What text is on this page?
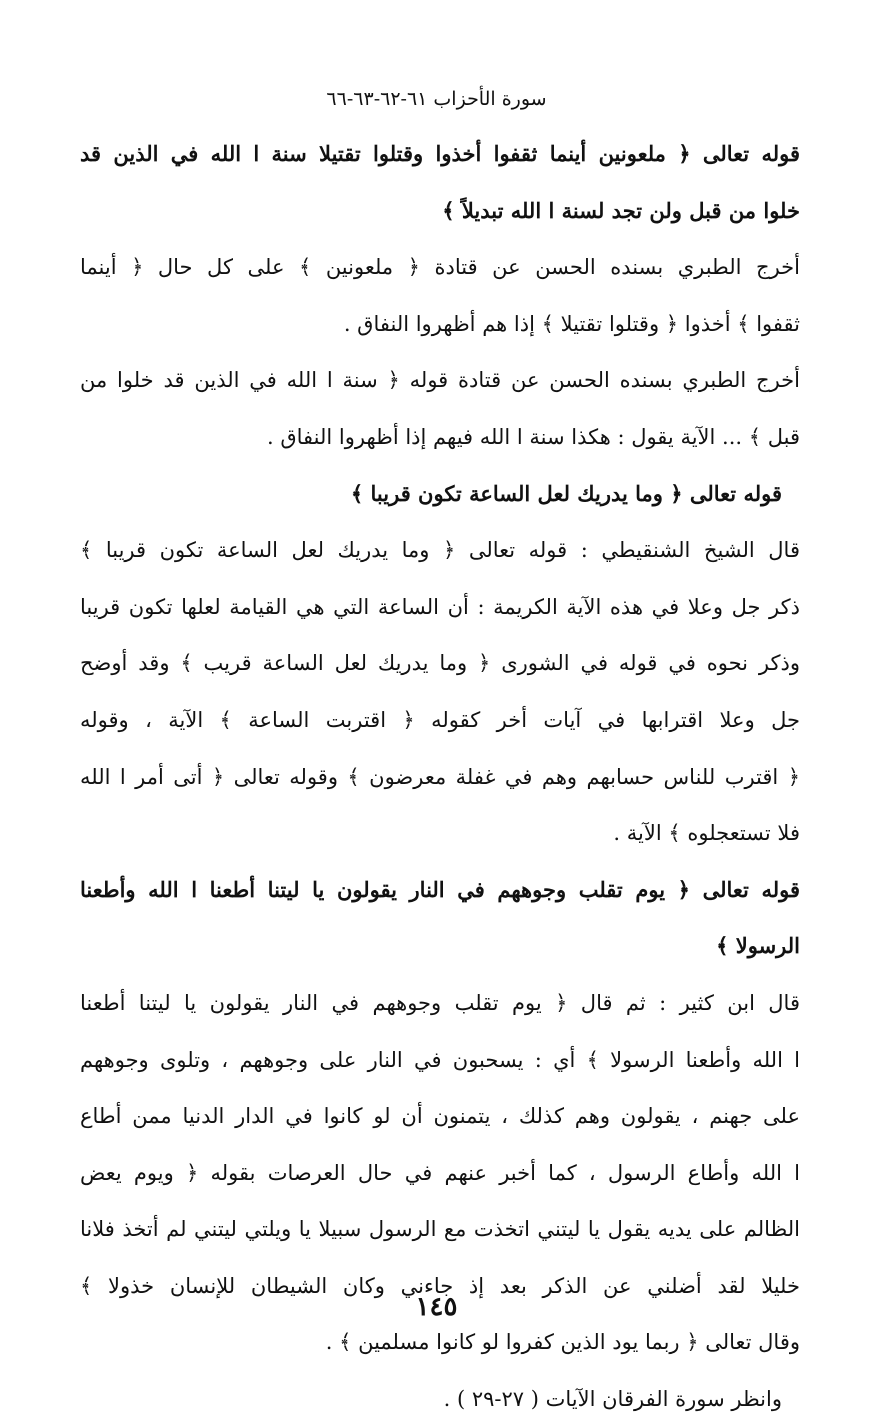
سورة الأحزاب ٦١-٦٢-٦٣-٦٦
قوله تعالى ﴿ ملعونين أينما ثقفوا أخذوا وقتلوا تقتيلا سنة ا الله في الذين قد
خلوا من قبل ولن تجد لسنة ا الله تبديلاً ﴾
أخرج الطبري بسنده الحسن عن قتادة ﴿ ملعونين ﴾ على كل حال ﴿ أينما
ثقفوا ﴾ أخذوا ﴿ وقتلوا تقتيلا ﴾ إذا هم أظهروا النفاق .
أخرج الطبري بسنده الحسن عن قتادة قوله ﴿ سنة ا الله في الذين قد خلوا من
قبل ﴾ ... الآية يقول : هكذا سنة ا الله فيهم إذا أظهروا النفاق .
قوله تعالى ﴿ وما يدريك لعل الساعة تكون قريبا ﴾
قال الشيخ الشنقيطي : قوله تعالى ﴿ وما يدريك لعل الساعة تكون قريبا ﴾
ذكر جل وعلا في هذه الآية الكريمة : أن الساعة التي هي القيامة لعلها تكون قريبا
وذكر نحوه في قوله في الشورى ﴿ وما يدريك لعل الساعة قريب ﴾ وقد أوضح
جل وعلا اقترابها في آيات أخر كقوله ﴿ اقتربت الساعة ﴾ الآية ، وقوله
﴿ اقترب للناس حسابهم وهم في غفلة معرضون ﴾ وقوله تعالى ﴿ أتى أمر ا الله
فلا تستعجلوه ﴾ الآية .
قوله تعالى ﴿ يوم تقلب وجوههم في النار يقولون يا ليتنا أطعنا ا الله وأطعنا
الرسولا ﴾
قال ابن كثير : ثم قال ﴿ يوم تقلب وجوههم في النار يقولون يا ليتنا أطعنا
ا الله وأطعنا الرسولا ﴾ أي : يسحبون في النار على وجوههم ، وتلوى وجوههم
على جهنم ، يقولون وهم كذلك ، يتمنون أن لو كانوا في الدار الدنيا ممن أطاع
ا الله وأطاع الرسول ، كما أخبر عنهم في حال العرصات بقوله ﴿ ويوم يعض
الظالم على يديه يقول يا ليتني اتخذت مع الرسول سبيلا يا ويلتي ليتني لم أتخذ فلانا
خليلا لقد أضلني عن الذكر بعد إذ جاءني وكان الشيطان للإنسان خذولا ﴾
وقال تعالى ﴿ ربما يود الذين كفروا لو كانوا مسلمين ﴾ .
وانظر سورة الفرقان الآيات ( ٢٧-٢٩ ) .
١٤٥
